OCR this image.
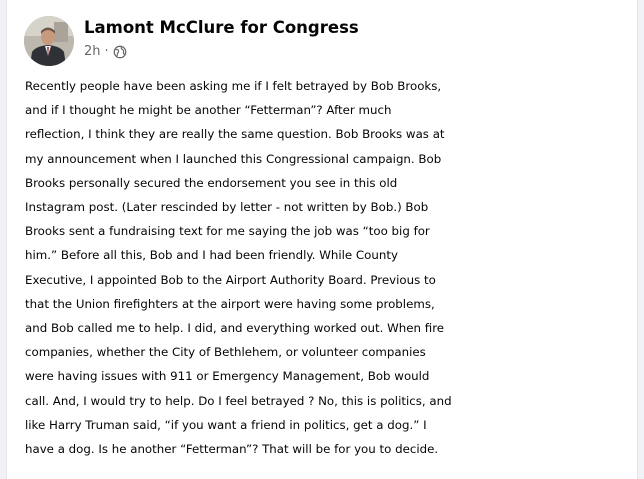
Lamont McClure for Congress
2h ·
Recently people have been asking me if I felt betrayed by Bob Brooks,
and if I thought he might be another “Fetterman”? After much
reflection, I think they are really the same question. Bob Brooks was at
my announcement when I launched this Congressional campaign. Bob
Brooks personally secured the endorsement you see in this old
Instagram post. (Later rescinded by letter - not written by Bob.) Bob
Brooks sent a fundraising text for me saying the job was “too big for
him.” Before all this, Bob and I had been friendly. While County
Executive, I appointed Bob to the Airport Authority Board. Previous to
that the Union firefighters at the airport were having some problems,
and Bob called me to help. I did, and everything worked out. When fire
companies, whether the City of Bethlehem, or volunteer companies
were having issues with 911 or Emergency Management, Bob would
call. And, I would try to help. Do I feel betrayed ? No, this is politics, and
like Harry Truman said, “if you want a friend in politics, get a dog.” I
have a dog. Is he another “Fetterman”? That will be for you to decide.
